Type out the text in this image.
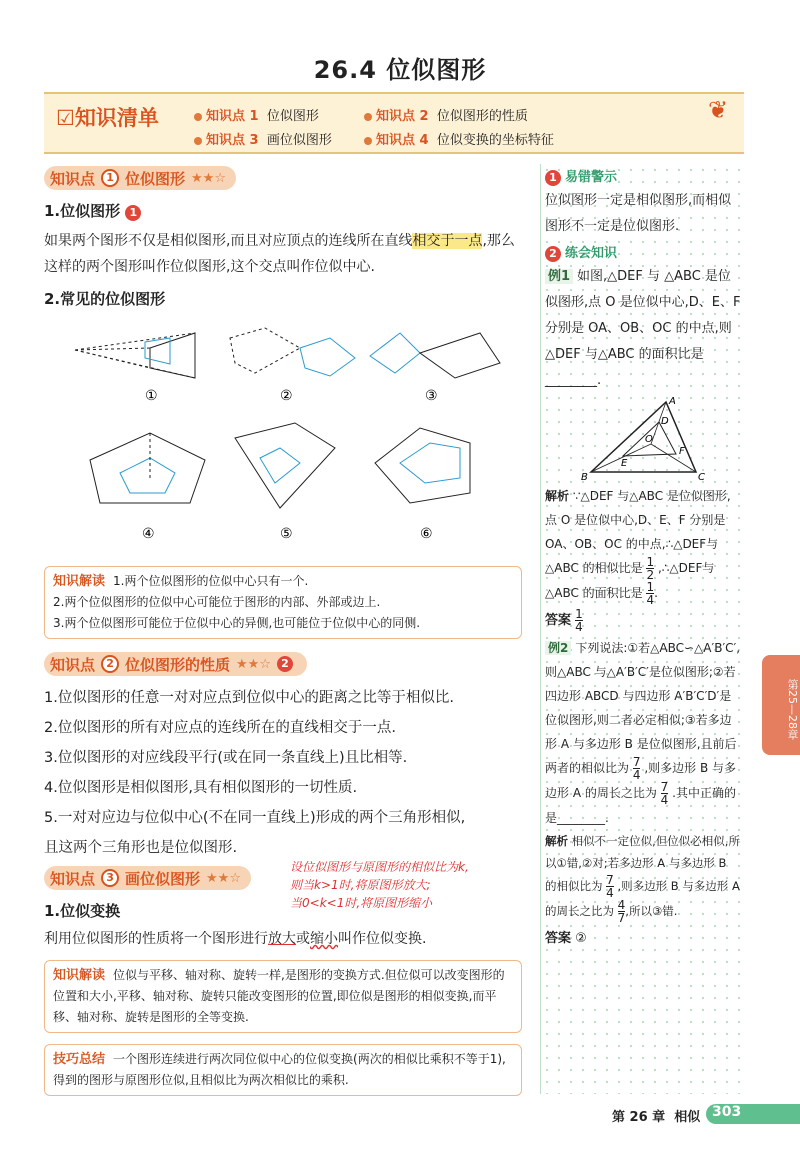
26.4 位似图形
☑知识清单	知识点 1 位似图形	知识点 2 位似图形的性质
知识点 3 画位似图形	知识点 4 位似变换的坐标特征
❦
知识点	1 位似图形 ★★☆
1.位似图形 1
如果两个图形不仅是相似图形,而且对应顶点的连线所在直线相交于一点,那么这样的两个图形叫作位似图形,这个交点叫作位似中心.
2.常见的位似图形
①	②	③
④	⑤	⑥
知识解读 1.两个位似图形的位似中心只有一个.
2.两个位似图形的位似中心可能位于图形的内部、外部或边上.
3.两个位似图形可能位于位似中心的异侧,也可能位于位似中心的同侧.
知识点	2 位似图形的性质 ★★☆ 2
1.位似图形的任意一对对应点到位似中心的距离之比等于相似比.
2.位似图形的所有对应点的连线所在的直线相交于一点.
3.位似图形的对应线段平行(或在同一条直线上)且比相等.
4.位似图形是相似图形,具有相似图形的一切性质.
5.一对对应边与位似中心(不在同一直线上)形成的两个三角形相似,
且这两个三角形也是位似图形.
知识点	3 画位似图形 ★★☆
设位似图形与原图形的相似比为k,
则当k>1时,将原图形放大;
当0<k<1时,将原图形缩小
1.位似变换
利用位似图形的性质将一个图形进行放大或缩小叫作位似变换.
知识解读 位似与平移、轴对称、旋转一样,是图形的变换方式.但位似可以改变图形的位置和大小,平移、轴对称、旋转只能改变图形的位置,即位似是图形的相似变换,而平移、轴对称、旋转是图形的全等变换.
技巧总结 一个图形连续进行两次同位似中心的位似变换(两次的相似比乘积不等于1),得到的图形与原图形位似,且相似比为两次相似比的乘积.
1 易错警示
位似图形一定是相似图形,而相似图形不一定是位似图形.
2 练会知识
例1 如图,△DEF 与 △ABC 是位似图形,点 O 是位似中心,D、E、F 分别是 OA、OB、OC 的中点,则△DEF 与△ABC 的面积比是________.
A
D
O
F
B
E
C
解析 ∵△DEF 与△ABC 是位似图形,点 O 是位似中心,D、E、F 分别是 OA、OB、OC 的中点,∴△DEF与△ABC 的相似比是 $\frac{1}{2}$ ,∴△DEF与△ABC 的面积比是 $\frac{1}{4}$ .
答案 $\frac{1}{4}$
例2 下列说法:①若△ABC∽△A′B′C′,则△ABC 与△A′B′C′是位似图形;②若四边形 ABCD 与四边形 A′B′C′D′是位似图形,则二者必定相似;③若多边形 A 与多边形 B 是位似图形,且前后两者的相似比为 $\frac{7}{4}$ ,则多边形 B 与多边形 A 的周长之比为 $\frac{7}{4}$ .其中正确的是________.
解析 相似不一定位似,但位似必相似,所以①错,②对;若多边形 A 与多边形 B 的相似比为 $\frac{7}{4}$ ,则多边形 B 与多边形 A 的周长之比为 $\frac{4}{7}$ ,所以③错.
答案 ②
第25—28章
第 26 章 相似 303
